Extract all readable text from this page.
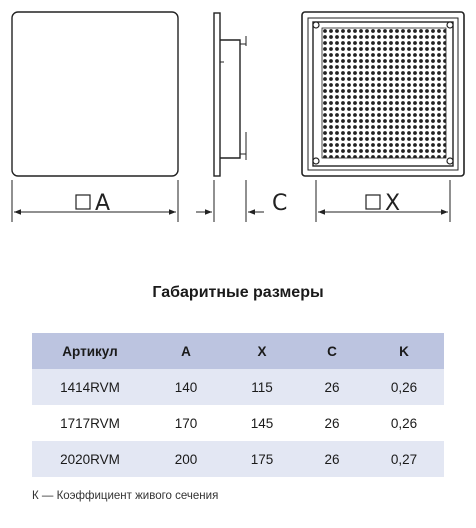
A	C	X
Габаритные размеры
Артикул	A	X	C	K
1414RVM	140	115	26	0,26
1717RVM	170	145	26	0,26
2020RVM	200	175	26	0,27
К — Коэффициент живого сечения
